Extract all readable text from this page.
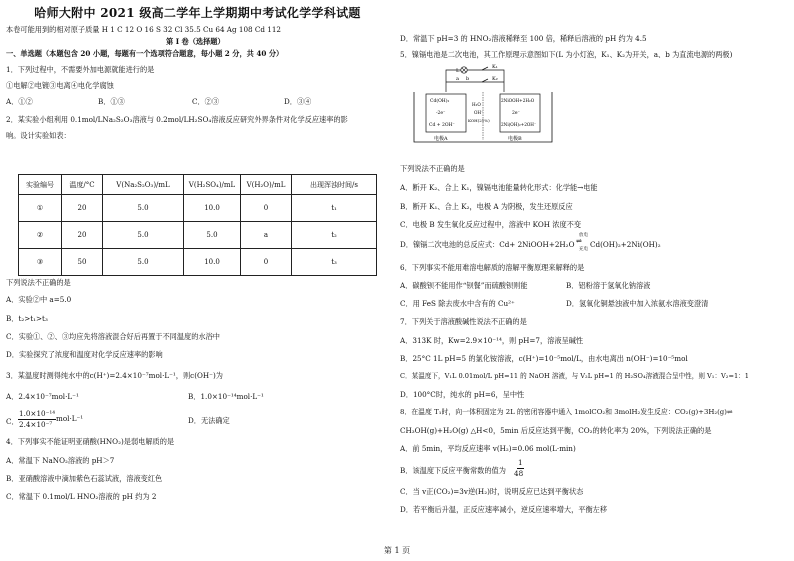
哈师大附中 2021 级高二学年上学期期中考试化学学科试题
本卷可能用到的相对原子质量 H 1 C 12 O 16 S 32 Cl 35.5 Cu 64 Ag 108 Cd 112
第 I 卷（选择题）
一、单选题（本题包含 20 小题，每题有一个选项符合题意，每小题 2 分，共 40 分）
1．下列过程中，不需要外加电源就能进行的是
①电解②电镀③电离④电化学腐蚀
A．①②	B．①③	C．②③	D．③④
2．某实验小组利用 0.1mol/LNa₂S₂O₃溶液与 0.2mol/LH₂SO₄溶液反应研究外界条件对化学反应速率的影
响。设计实验如表：
实验编号	温度/°C	V(Na₂S₂O₃)/mL	V(H₂SO₄)/mL	V(H₂O)/mL	出现浑浊时间/s
①	20	5.0	10.0	0	t₁
②	20	5.0	5.0	a	t₂
③	50	5.0	10.0	0	t₃
下列说法不正确的是
A．实验②中 a=5.0
B．t₂>t₁>t₃
C．实验①、②、③均应先将溶液混合好后再置于不同温度的水浴中
D．实验探究了浓度和温度对化学反应速率的影响
3．某温度时测得纯水中的c(H⁺)=2.4×10⁻⁷mol·L⁻¹，则c(OH⁻)为
A．2.4×10⁻⁷mol·L⁻¹	B．1.0×10⁻¹⁴mol·L⁻¹
C．
1.0×10⁻¹⁴
2.4×10⁻⁷
mol·L⁻¹	D．无法确定
4．下列事实不能证明亚硝酸(HNO₂)是弱电解质的是
A．常温下 NaNO₂溶液的 pH＞7
B．亚硝酸溶液中滴加紫色石蕊试液，溶液变红色
C．常温下 0.1mol/L HNO₂溶液的 pH 约为 2
D．常温下 pH=3 的 HNO₂溶液稀释至 100 倍，稀释后溶液的 pH 约为 4.5
5．镍镉电池是二次电池，其工作原理示意图如下(L 为小灯泡，K₁、K₂为开关，a、b 为直流电源的两极)
L
K₁
K₂
a b
Cd(OH)₂
-2e⁻
Cd + 2OH⁻
2NiOOH+2H₂O
2e⁻
2Ni(OH)₂+2OH⁻
H₂O
OH⁻
KOH(21%)
电极A	电极B
下列说法不正确的是
A．断开 K₂、合上 K₁，镍镉电池能量转化形式：化学能→电能
B．断开 K₁、合上 K₂，电极 A 为阴极，发生还原反应
C．电极 B 发生氧化反应过程中，溶液中 KOH 浓度不变
D．镍镉二次电池的总反应式：Cd+ 2NiOOH+2H₂O
放电
⇌
充电
Cd(OH)₂+2Ni(OH)₂
6．下列事实不能用难溶电解质的溶解平衡原理来解释的是
A．碳酸钡不能用作“钡餐”而硫酸钡则能	B．铝粉溶于氢氧化钠溶液
C．用 FeS 除去废水中含有的 Cu²⁺	D．氢氧化铜悬浊液中加入浓氨水溶液变澄清
7．下列关于溶液酸碱性说法不正确的是
A．313K 时，Kw=2.9×10⁻¹⁴，则 pH=7，溶液呈碱性
B．25°C 1L pH=5 的氯化铵溶液，c(H⁺)=10⁻⁵mol/L，由水电离出 n(OH⁻)=10⁻⁵mol
C．某温度下，V₁L 0.01mol/L pH=11 的 NaOH 溶液，与 V₂L pH=1 的 H₂SO₄溶液混合呈中性，则 V₁：V₂=1：1
D．100°C时，纯水的 pH=6，呈中性
8．在温度 T₁时，向一体积固定为 2L 的密闭容器中通入 1molCO₂和 3molH₂发生反应：CO₂(g)+3H₂(g)⇌
CH₃OH(g)+H₂O(g) △H<0，5min 后反应达到平衡，CO₂的转化率为 20%，下列说法正确的是
A．前 5min，平均反应速率 v(H₂)=0.06 mol(L·min)
B．该温度下反应平衡常数的值为
1
48
C．当 v正(CO₂)=3v逆(H₂)时，说明反应已达到平衡状态
D．若平衡后升温，正反应速率减小，逆反应速率增大，平衡左移
第 1 页
